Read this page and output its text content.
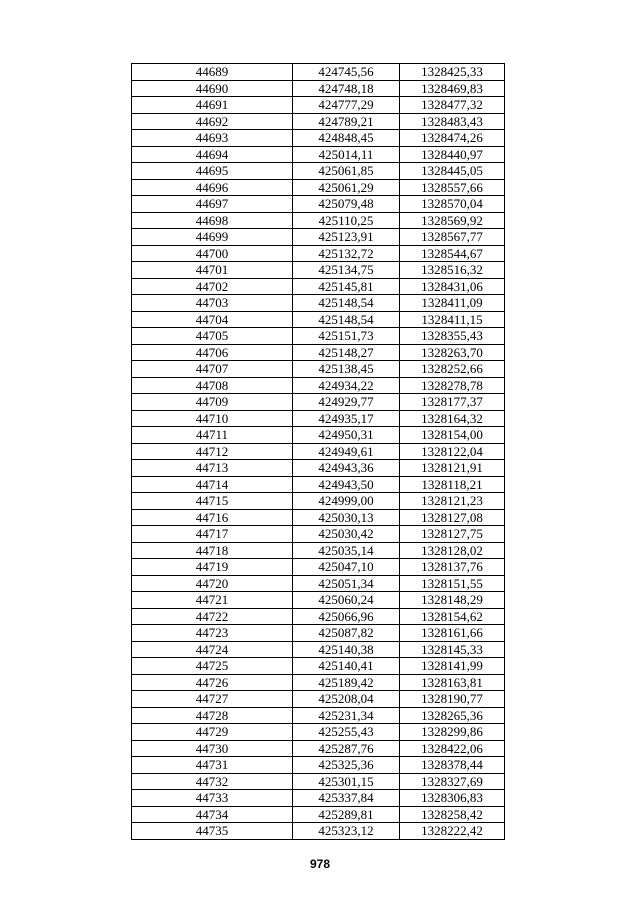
44689	424745,56	1328425,33
44690	424748,18	1328469,83
44691	424777,29	1328477,32
44692	424789,21	1328483,43
44693	424848,45	1328474,26
44694	425014,11	1328440,97
44695	425061,85	1328445,05
44696	425061,29	1328557,66
44697	425079,48	1328570,04
44698	425110,25	1328569,92
44699	425123,91	1328567,77
44700	425132,72	1328544,67
44701	425134,75	1328516,32
44702	425145,81	1328431,06
44703	425148,54	1328411,09
44704	425148,54	1328411,15
44705	425151,73	1328355,43
44706	425148,27	1328263,70
44707	425138,45	1328252,66
44708	424934,22	1328278,78
44709	424929,77	1328177,37
44710	424935,17	1328164,32
44711	424950,31	1328154,00
44712	424949,61	1328122,04
44713	424943,36	1328121,91
44714	424943,50	1328118,21
44715	424999,00	1328121,23
44716	425030,13	1328127,08
44717	425030,42	1328127,75
44718	425035,14	1328128,02
44719	425047,10	1328137,76
44720	425051,34	1328151,55
44721	425060,24	1328148,29
44722	425066,96	1328154,62
44723	425087,82	1328161,66
44724	425140,38	1328145,33
44725	425140,41	1328141,99
44726	425189,42	1328163,81
44727	425208,04	1328190,77
44728	425231,34	1328265,36
44729	425255,43	1328299,86
44730	425287,76	1328422,06
44731	425325,36	1328378,44
44732	425301,15	1328327,69
44733	425337,84	1328306,83
44734	425289,81	1328258,42
44735	425323,12	1328222,42
978
